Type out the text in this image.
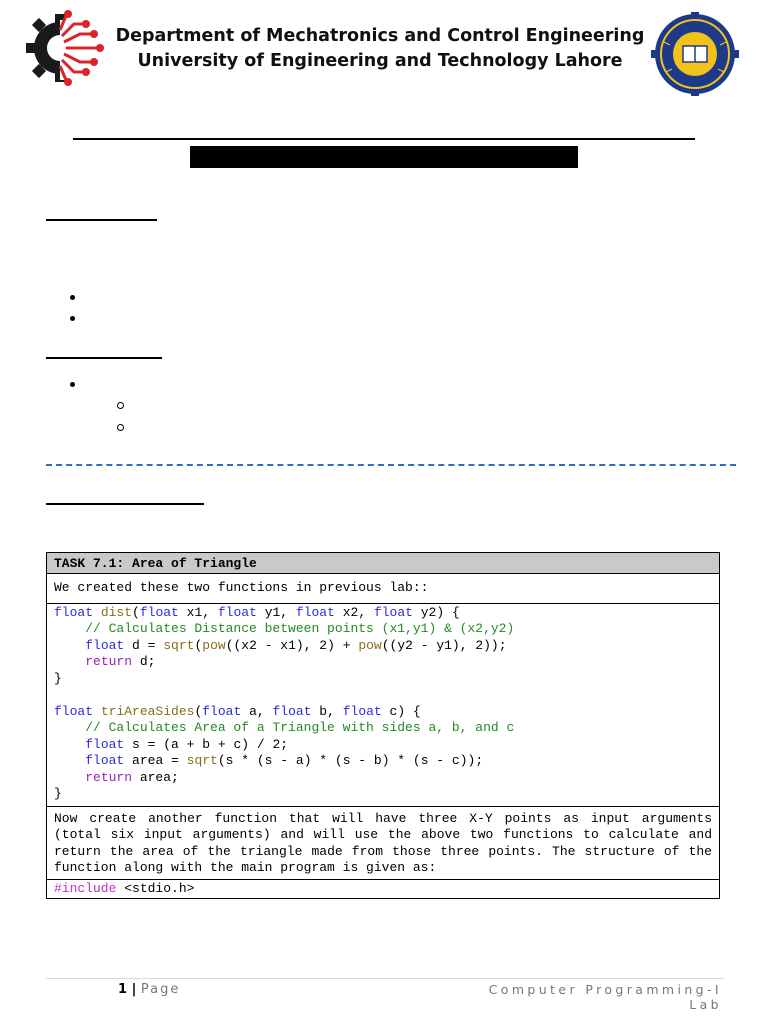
Department of Mechatronics and Control Engineering
University of Engineering and Technology Lahore
TASK 7.1: Area of Triangle
We created these two functions in previous lab::
float dist(float x1, float y1, float x2, float y2) {
// Calculates Distance between points (x1,y1) & (x2,y2)
float d = sqrt(pow((x2 - x1), 2) + pow((y2 - y1), 2));
return d;
}

float triAreaSides(float a, float b, float c) {
// Calculates Area of a Triangle with sides a, b, and c
float s = (a + b + c) / 2;
float area = sqrt(s * (s - a) * (s - b) * (s - c));
return area;
}
Now create another function that will have three X-Y points as input arguments (total six input arguments) and will use the above two functions to calculate and return the area of the triangle made from those three points. The structure of the function along with the main program is given as:
#include <stdio.h>
1 | Page	Computer Programming-I Lab
